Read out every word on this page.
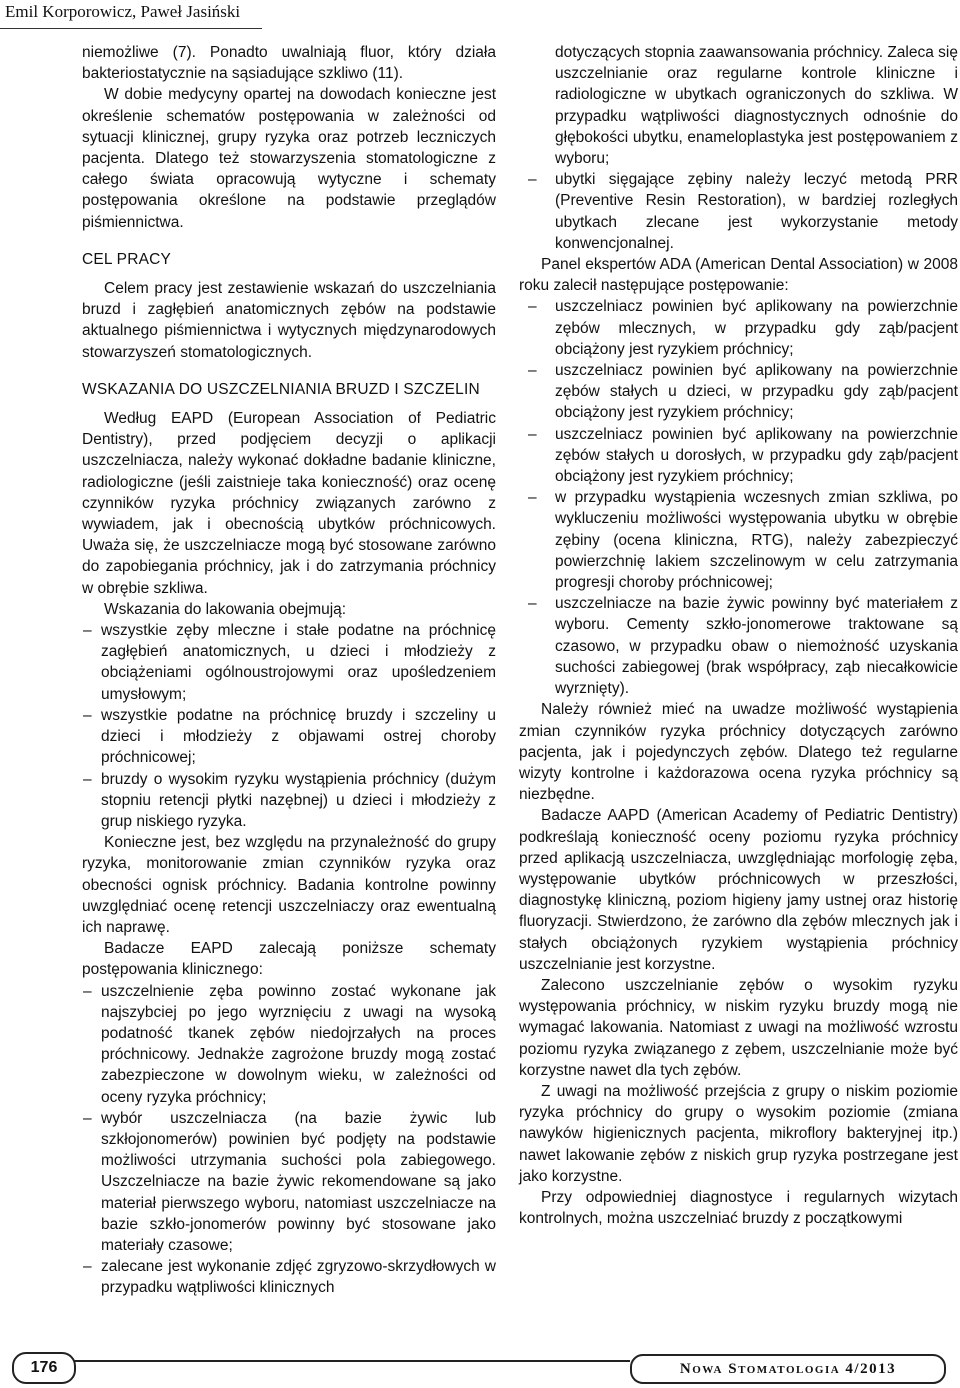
Emil Korporowicz, Paweł Jasiński

niemożliwe (7). Ponadto uwalniają fluor, który działa bakteriostatycznie na sąsiadujące szkliwo (11).

W dobie medycyny opartej na dowodach konieczne jest określenie schematów postępowania w zależności od sytuacji klinicznej, grupy ryzyka oraz potrzeb leczniczych pacjenta. Dlatego też stowarzyszenia stomatologiczne z całego świata opracowują wytyczne i schematy postępowania określone na podstawie przeglądów piśmiennictwa.

CEL PRACY

Celem pracy jest zestawienie wskazań do uszczelniania bruzd i zagłębień anatomicznych zębów na podstawie aktualnego piśmiennictwa i wytycznych międzynarodowych stowarzyszeń stomatologicznych.

WSKAZANIA DO USZCZELNIANIA BRUZD I SZCZELIN

Według EAPD (European Association of Pediatric Dentistry), przed podjęciem decyzji o aplikacji uszczelniacza, należy wykonać dokładne badanie kliniczne, radiologiczne (jeśli zaistnieje taka konieczność) oraz ocenę czynników ryzyka próchnicy związanych zarówno z wywiadem, jak i obecnością ubytków próchnicowych. Uważa się, że uszczelniacze mogą być stosowane zarówno do zapobiegania próchnicy, jak i do zatrzymania próchnicy w obrębie szkliwa.

Wskazania do lakowania obejmują:

– wszystkie zęby mleczne i stałe podatne na próchnicę zagłębień anatomicznych, u dzieci i młodzieży z obciążeniami ogólnoustrojowymi oraz upośledzeniem umysłowym;
– wszystkie podatne na próchnicę bruzdy i szczeliny u dzieci i młodzieży z objawami ostrej choroby próchnicowej;
– bruzdy o wysokim ryzyku wystąpienia próchnicy (dużym stopniu retencji płytki nazębnej) u dzieci i młodzieży z grup niskiego ryzyka.

Konieczne jest, bez względu na przynależność do grupy ryzyka, monitorowanie zmian czynników ryzyka oraz obecności ognisk próchnicy. Badania kontrolne powinny uwzględniać ocenę retencji uszczelniaczy oraz ewentualną ich naprawę.

Badacze EAPD zalecają poniższe schematy postępowania klinicznego:

– uszczelnienie zęba powinno zostać wykonane jak najszybciej po jego wyrznięciu z uwagi na wysoką podatność tkanek zębów niedojrzałych na proces próchnicowy. Jednakże zagrożone bruzdy mogą zostać zabezpieczone w dowolnym wieku, w zależności od oceny ryzyka próchnicy;
– wybór uszczelniacza (na bazie żywic lub szkłojonomerów) powinien być podjęty na podstawie możliwości utrzymania suchości pola zabiegowego. Uszczelniacze na bazie żywic rekomendowane są jako materiał pierwszego wyboru, natomiast uszczelniacze na bazie szkło-jonomerów powinny być stosowane jako materiały czasowe;
– zalecane jest wykonanie zdjęć zgryzowo-skrzydłowych w przypadku wątpliwości klinicznych
dotyczących stopnia zaawansowania próchnicy. Zaleca się uszczelnianie oraz regularne kontrole kliniczne i radiologiczne w ubytkach ograniczonych do szkliwa. W przypadku wątpliwości diagnostycznych odnośnie do głębokości ubytku, enameloplastyka jest postępowaniem z wyboru;
– ubytki sięgające zębiny należy leczyć metodą PRR (Preventive Resin Restoration), w bardziej rozległych ubytkach zlecane jest wykorzystanie metody konwencjonalnej.

Panel ekspertów ADA (American Dental Association) w 2008 roku zalecił następujące postępowanie:

– uszczelniacz powinien być aplikowany na powierzchnie zębów mlecznych, w przypadku gdy ząb/pacjent obciążony jest ryzykiem próchnicy;
– uszczelniacz powinien być aplikowany na powierzchnie zębów stałych u dzieci, w przypadku gdy ząb/pacjent obciążony jest ryzykiem próchnicy;
– uszczelniacz powinien być aplikowany na powierzchnie zębów stałych u dorosłych, w przypadku gdy ząb/pacjent obciążony jest ryzykiem próchnicy;
– w przypadku wystąpienia wczesnych zmian szkliwa, po wykluczeniu możliwości występowania ubytku w obrębie zębiny (ocena kliniczna, RTG), należy zabezpieczyć powierzchnię lakiem szczelinowym w celu zatrzymania progresji choroby próchnicowej;
– uszczelniacze na bazie żywic powinny być materiałem z wyboru. Cementy szkło-jonomerowe traktowane są czasowo, w przypadku obaw o niemożność uzyskania suchości zabiegowej (brak współpracy, ząb niecałkowicie wyrznięty).

Należy również mieć na uwadze możliwość wystąpienia zmian czynników ryzyka próchnicy dotyczących zarówno pacjenta, jak i pojedynczych zębów. Dlatego też regularne wizyty kontrolne i każdorazowa ocena ryzyka próchnicy są niezbędne.

Badacze AAPD (American Academy of Pediatric Dentistry) podkreślają konieczność oceny poziomu ryzyka próchnicy przed aplikacją uszczelniacza, uwzględniając morfologię zęba, występowanie ubytków próchnicowych w przeszłości, diagnostykę kliniczną, poziom higieny jamy ustnej oraz historię fluoryzacji. Stwierdzono, że zarówno dla zębów mlecznych jak i stałych obciążonych ryzykiem wystąpienia próchnicy uszczelnianie jest korzystne.

Zalecono uszczelnianie zębów o wysokim ryzyku występowania próchnicy, w niskim ryzyku bruzdy mogą nie wymagać lakowania. Natomiast z uwagi na możliwość wzrostu poziomu ryzyka związanego z zębem, uszczelnianie może być korzystne nawet dla tych zębów.

Z uwagi na możliwość przejścia z grupy o niskim poziomie ryzyka próchnicy do grupy o wysokim poziomie (zmiana nawyków higienicznych pacjenta, mikroflory bakteryjnej itp.) nawet lakowanie zębów z niskich grup ryzyka postrzegane jest jako korzystne.

Przy odpowiedniej diagnostyce i regularnych wizytach kontrolnych, można uszczelniać bruzdy z początkowymi

176	Nowa Stomatologia 4/2013
